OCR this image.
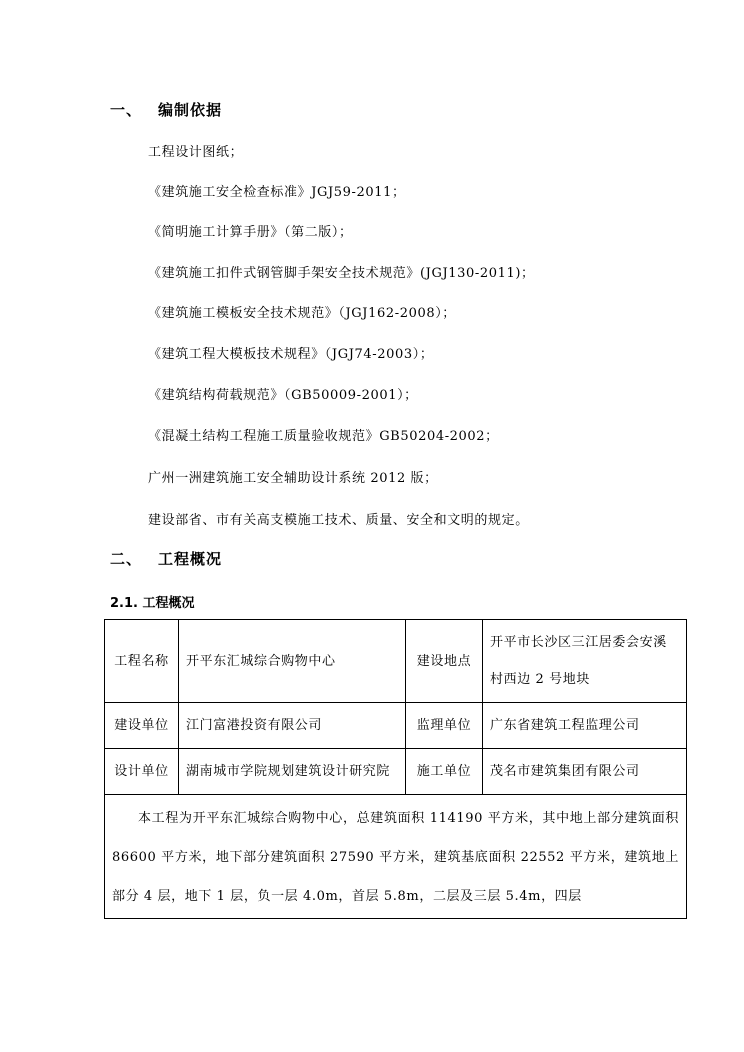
一、 编制依据

工程设计图纸；

《建筑施工安全检查标准》JGJ59-2011；

《简明施工计算手册》（第二版）；

《建筑施工扣件式钢管脚手架安全技术规范》(JGJ130-2011)；

《建筑施工模板安全技术规范》（JGJ162-2008）；

《建筑工程大模板技术规程》（JGJ74-2003）；

《建筑结构荷载规范》（GB50009-2001）；

《混凝土结构工程施工质量验收规范》GB50204-2002；

广州一洲建筑施工安全辅助设计系统 2012 版；

建设部省、市有关高支模施工技术、质量、安全和文明的规定。

二、 工程概况
2.1. 工程概况
工程名称	开平东汇城综合购物中心	建设地点	开平市长沙区三江居委会安溪村西边 2 号地块
建设单位	江门富港投资有限公司	监理单位	广东省建筑工程监理公司
设计单位	湖南城市学院规划建筑设计研究院	施工单位	茂名市建筑集团有限公司
本工程为开平东汇城综合购物中心，总建筑面积 114190 平方米，其中地上部分建筑面积 86600 平方米，地下部分建筑面积 27590 平方米，建筑基底面积 22552 平方米，建筑地上部分 4 层，地下 1 层，负一层 4.0m，首层 5.8m，二层及三层 5.4m，四层			
